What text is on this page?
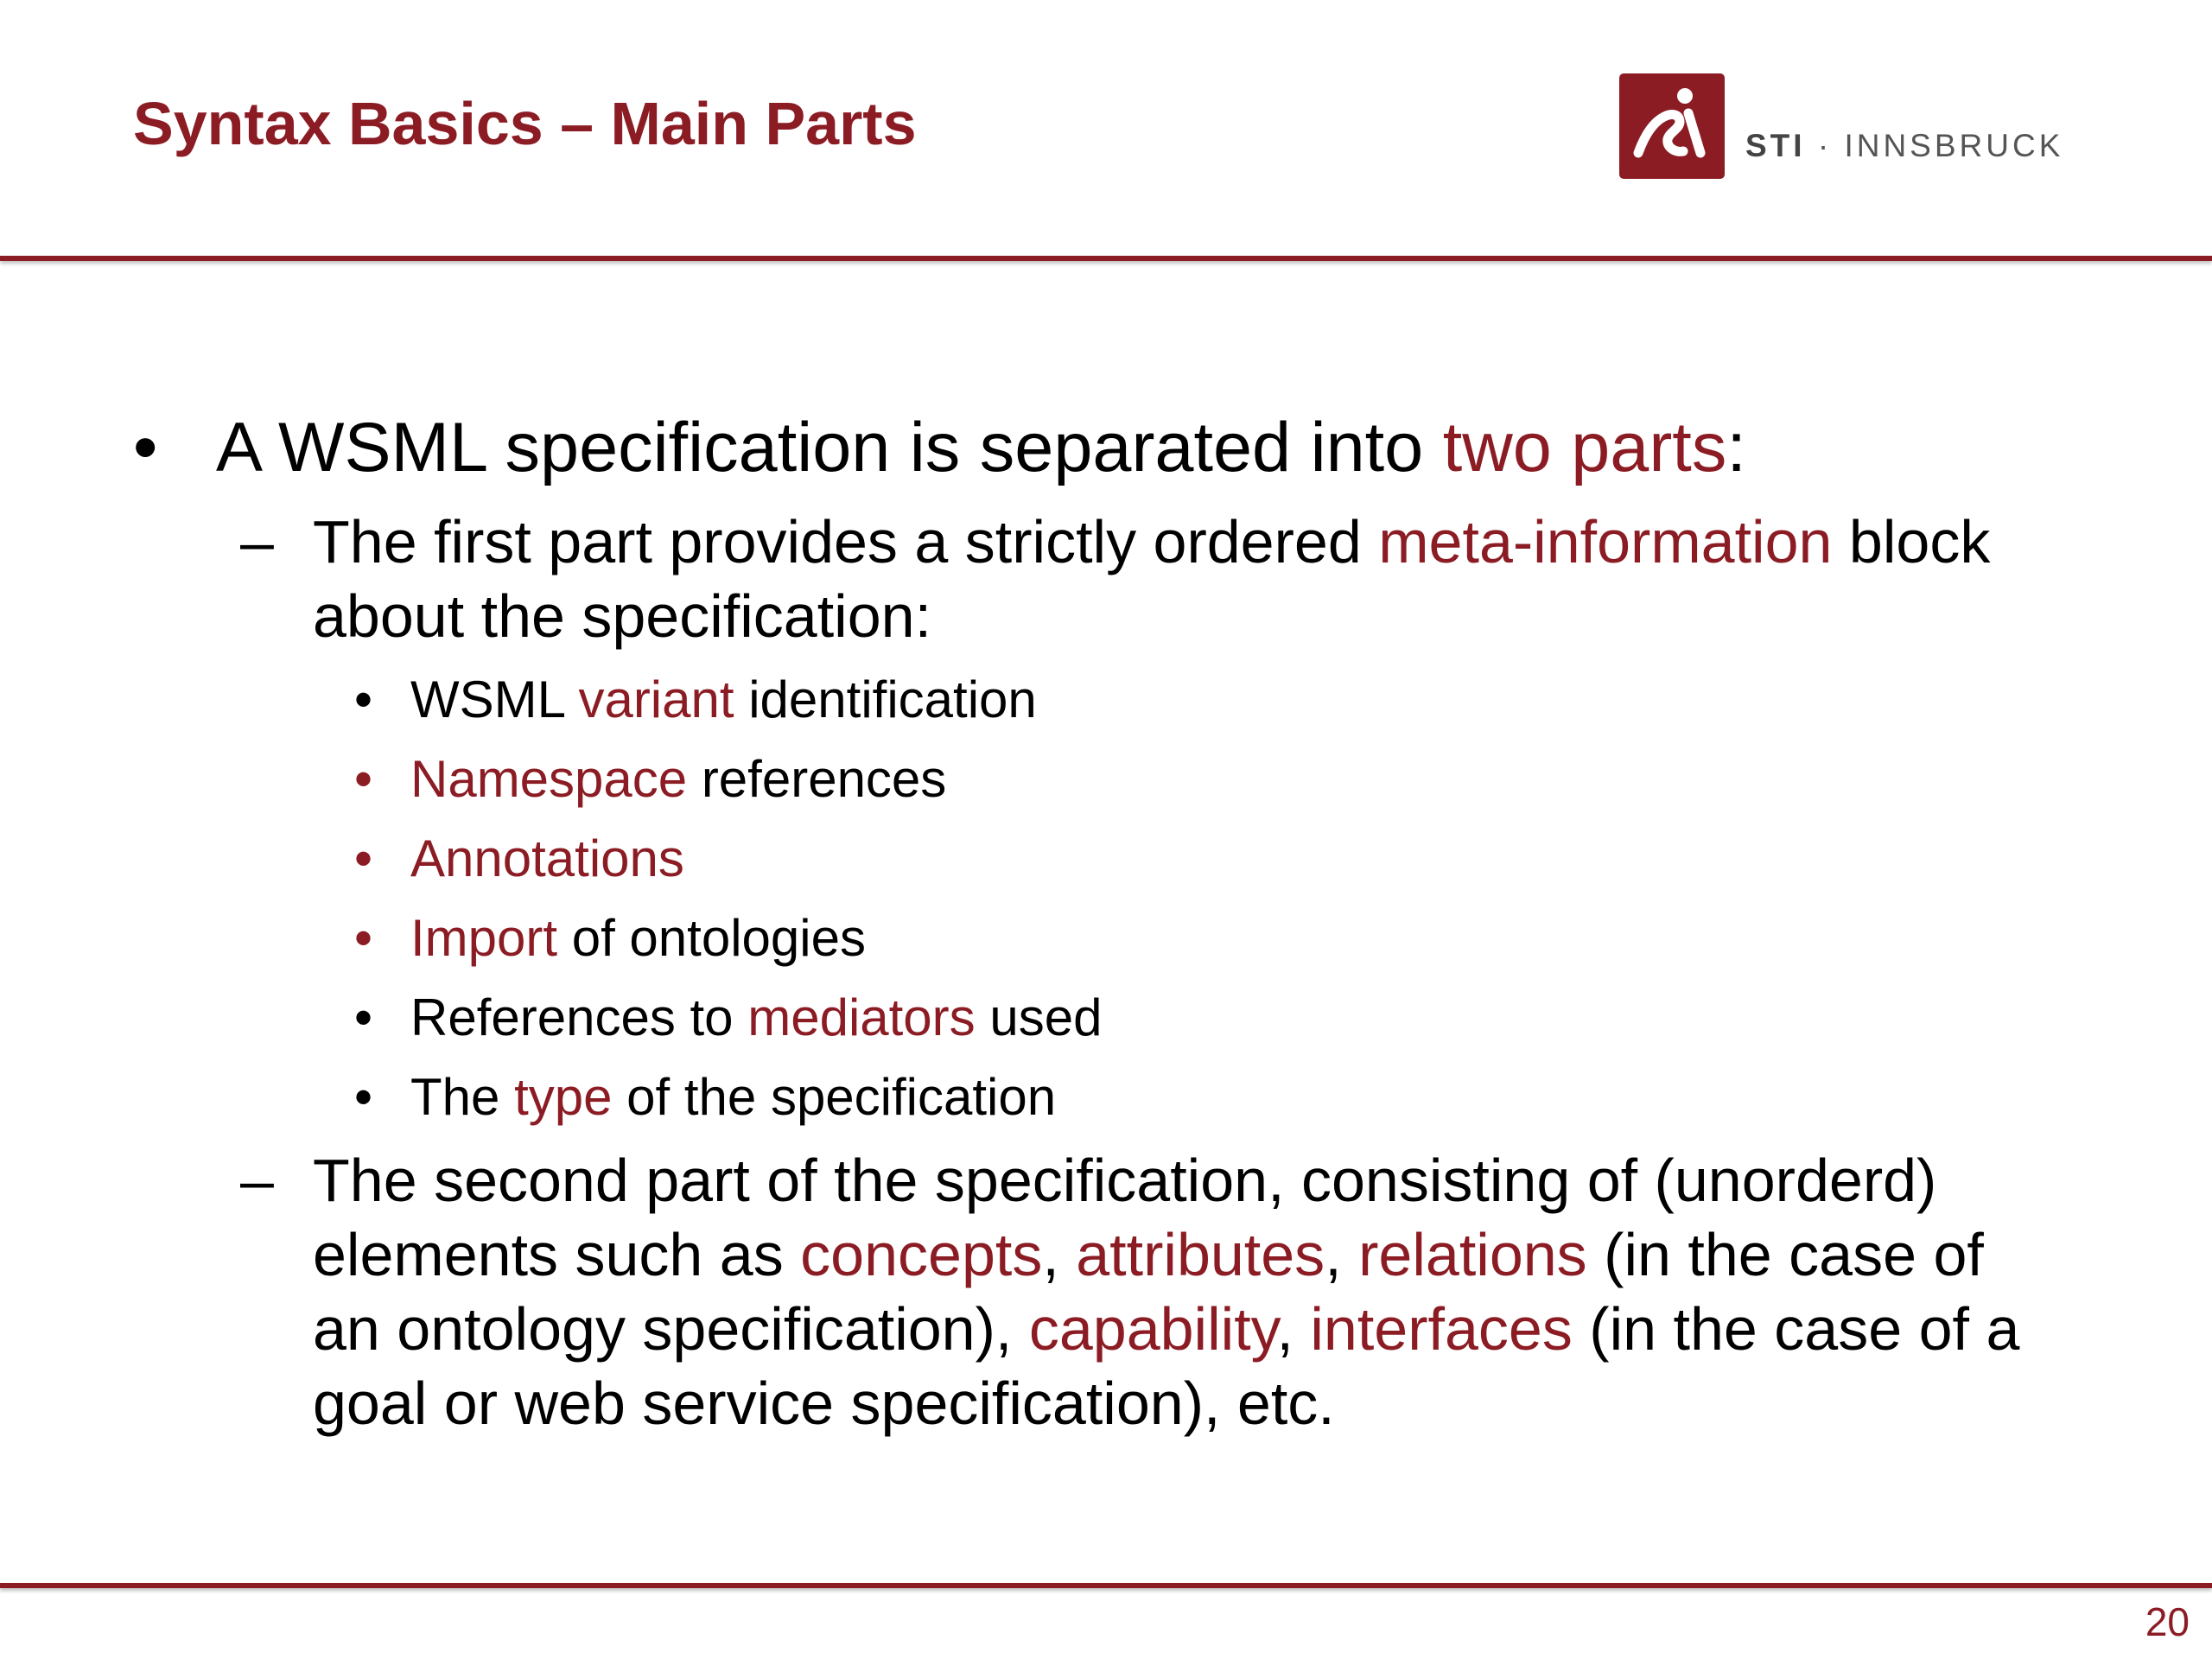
Syntax Basics – Main Parts	STI · INNSBRUCK
• A WSML specification is separated into two parts:
– The first part provides a strictly ordered meta-information block
about the specification:
• WSML variant identification
• Namespace references
• Annotations
• Import of ontologies
• References to mediators used
• The type of the specification
– The second part of the specification, consisting of (unorderd)
elements such as concepts, attributes, relations (in the case of
an ontology specification), capability, interfaces (in the case of a
goal or web service specification), etc.
20
